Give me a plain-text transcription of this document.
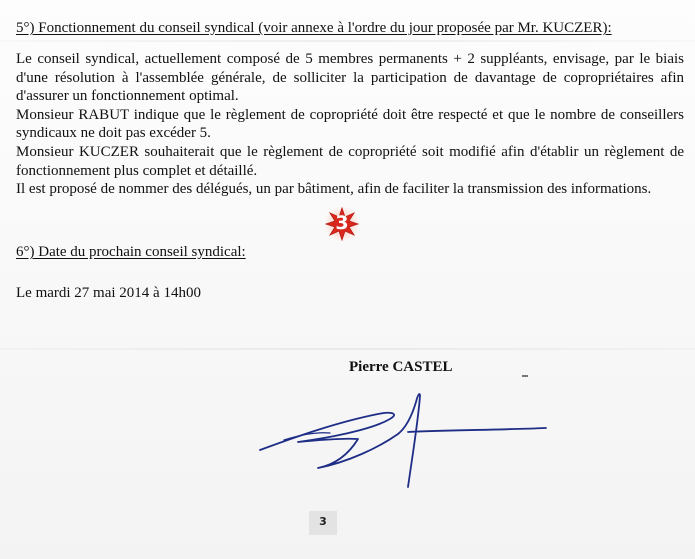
5°) Fonctionnement du conseil syndical (voir annexe à l'ordre du jour proposée par Mr. KUCZER):

Le conseil syndical, actuellement composé de 5 membres permanents + 2 suppléants, envisage, par le biais d'une résolution à l'assemblée générale, de solliciter la participation de davantage de copropriétaires afin d'assurer un fonctionnement optimal.

Monsieur RABUT indique que le règlement de copropriété doit être respecté et que le nombre de conseillers syndicaux ne doit pas excéder 5.

Monsieur KUCZER souhaiterait que le règlement de copropriété soit modifié afin d'établir un règlement de fonctionnement plus complet et détaillé.

Il est proposé de nommer des délégués, un par bâtiment, afin de faciliter la transmission des informations.

3
6°) Date du prochain conseil syndical:
Le mardi 27 mai 2014 à 14h00
Pierre CASTEL
3
